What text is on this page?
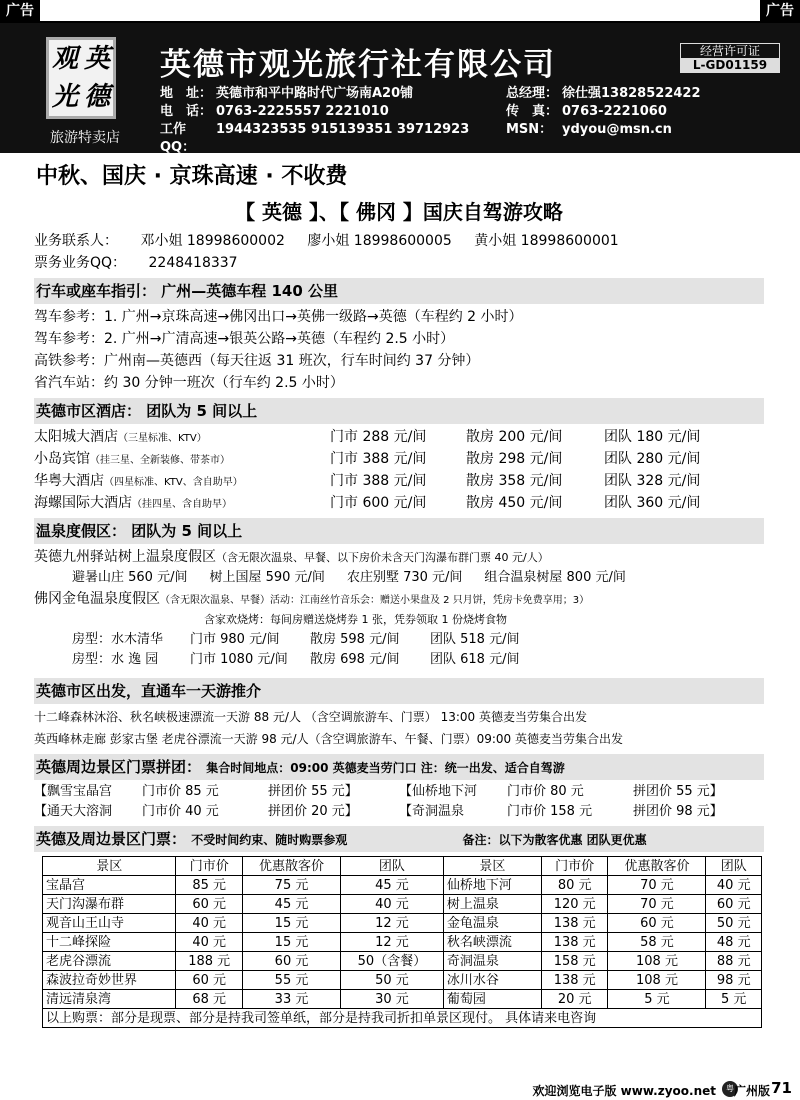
广告	广告
观 英
光 德
旅游特卖店
英德市观光旅行社有限公司	经营许可证
L-GD01159
地　址： 英德市和平中路时代广场南A20铺	总经理： 徐仕强13828522422
电　话： 0763-2225557 2221010	传　真： 0763-2221060
工作QQ：
1944323535 915139351 39712923	MSN： ydyou@msn.cn
中秋、国庆 · 京珠高速 · 不收费
【 英德 】、【 佛冈 】国庆自驾游攻略
业务联系人： 邓小姐 18998600002 廖小姐 18998600005 黄小姐 18998600001
票务业务QQ： 2248418337
行车或座车指引： 广州—英德车程 140 公里
驾车参考：1. 广州→京珠高速→佛冈出口→英佛一级路→英德（车程约 2 小时）
驾车参考：2. 广州→广清高速→银英公路→英德（车程约 2.5 小时）
高铁参考：广州南—英德西（每天往返 31 班次，行车时间约 37 分钟）
省汽车站：约 30 分钟一班次（行车约 2.5 小时）
英德市区酒店： 团队为 5 间以上
太阳城大酒店（三星标准、KTV）	门市 288 元/间	散房 200 元/间	团队 180 元/间
小岛宾馆（挂三星、全新装修、带茶市）	门市 388 元/间	散房 298 元/间	团队 280 元/间
华粤大酒店（四星标准、KTV、含自助早）	门市 388 元/间	散房 358 元/间	团队 328 元/间
海螺国际大酒店（挂四星、含自助早）	门市 600 元/间	散房 450 元/间	团队 360 元/间
温泉度假区： 团队为 5 间以上
英德九州驿站树上温泉度假区（含无限次温泉、早餐、以下房价未含天门沟瀑布群门票 40 元/人）
避暑山庄 560 元/间 树上国屋 590 元/间 农庄别墅 730 元/间 组合温泉树屋 800 元/间
佛冈金龟温泉度假区（含无限次温泉、早餐）活动：江南丝竹音乐会：赠送小果盘及 2 只月饼，凭房卡免费享用；3）
含家欢烧烤：每间房赠送烧烤券 1 张，凭券领取 1 份烧烤食物
房型：水木清华	门市 980 元/间	散房 598 元/间	团队 518 元/间
房型：水 逸 园	门市 1080 元/间	散房 698 元/间	团队 618 元/间
英德市区出发，直通车一天游推介
十二峰森林沐浴、秋名峡极速漂流一天游 88 元/人 （含空调旅游车、门票） 13:00 英德麦当劳集合出发
英西峰林走廊 彭家古堡 老虎谷漂流一天游 98 元/人（含空调旅游车、午餐、门票）09:00 英德麦当劳集合出发
英德周边景区门票拼团： 集合时间地点：09:00 英德麦当劳门口 注：统一出发、适合自驾游
【飘雪宝晶宫	门市价 85 元	拼团价 55 元】	【仙桥地下河	门市价 80 元	拼团价 55 元】
【通天大溶洞	门市价 40 元	拼团价 20 元】	【奇洞温泉	门市价 158 元	拼团价 98 元】
英德及周边景区门票： 不受时间约束、随时购票参观	备注：以下为散客优惠 团队更优惠
景区	门市价	优惠散客价	团队	景区	门市价	优惠散客价	团队
宝晶宫	85 元	75 元	45 元	仙桥地下河	80 元	70 元	40 元
天门沟瀑布群	60 元	45 元	40 元	树上温泉	120 元	70 元	60 元
观音山王山寺	40 元	15 元	12 元	金龟温泉	138 元	60 元	50 元
十二峰探险	40 元	15 元	12 元	秋名峡漂流	138 元	58 元	48 元
老虎谷漂流	188 元	60 元	50（含餐）	奇洞温泉	158 元	108 元	88 元
森波拉奇妙世界	60 元	55 元	50 元	冰川水谷	138 元	108 元	98 元
清远清泉湾	68 元	33 元	30 元	葡萄园	20 元	5 元	5 元
以上购票：部分是现票、部分是持我司签单纸，部分是持我司折扣单景区现付。 具体请来电咨询							
欢迎浏览电子版 www.zyoo.net	粤 广州版 71
